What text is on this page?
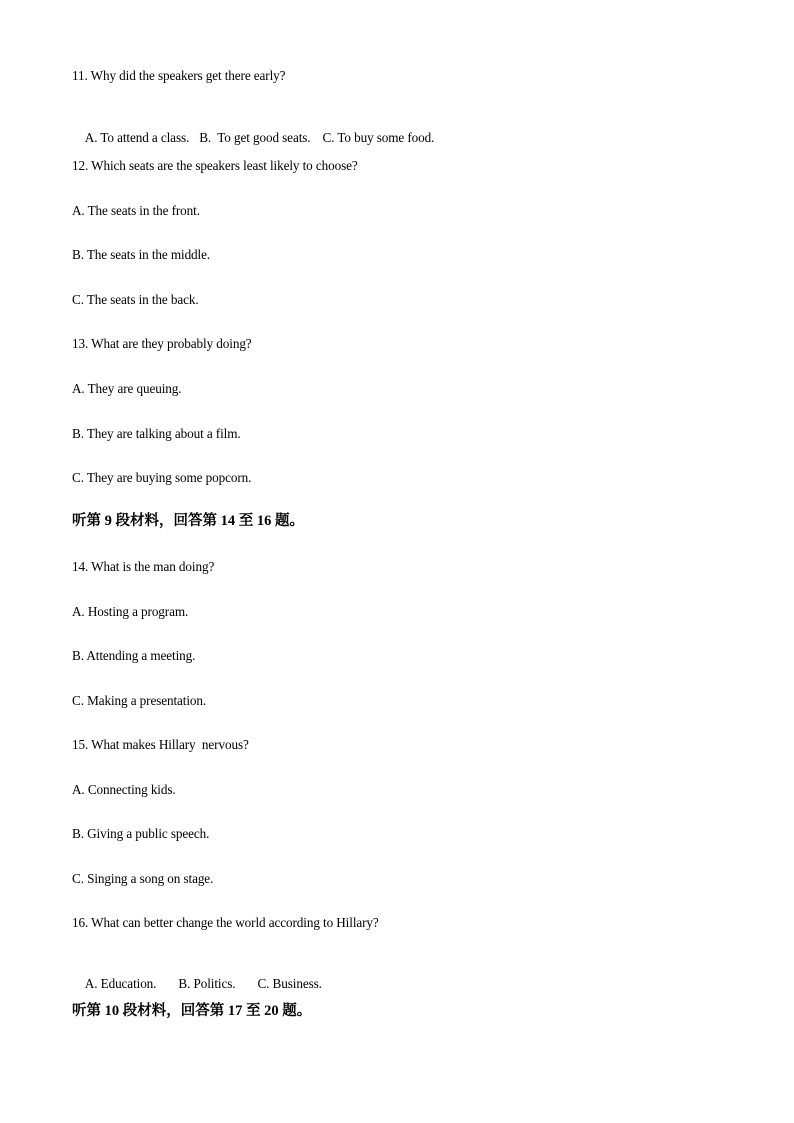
11. Why did the speakers get there early?

A. To attend a class. B.  To get good seats. C. To buy some food.

12. Which seats are the speakers least likely to choose?
A. The seats in the front.
B. The seats in the middle.
C. The seats in the back.
13. What are they probably doing?
A. They are queuing.
B. They are talking about a film.
C. They are buying some popcorn.
听第 9 段材料，回答第 14 至 16 题。
14. What is the man doing?
A. Hosting a program.
B. Attending a meeting.
C. Making a presentation.
15. What makes Hillary  nervous?
A. Connecting kids.
B. Giving a public speech.
C. Singing a song on stage.
16. What can better change the world according to Hillary?

A. Education. B. Politics. C. Business.

听第 10 段材料，回答第 17 至 20 题。
